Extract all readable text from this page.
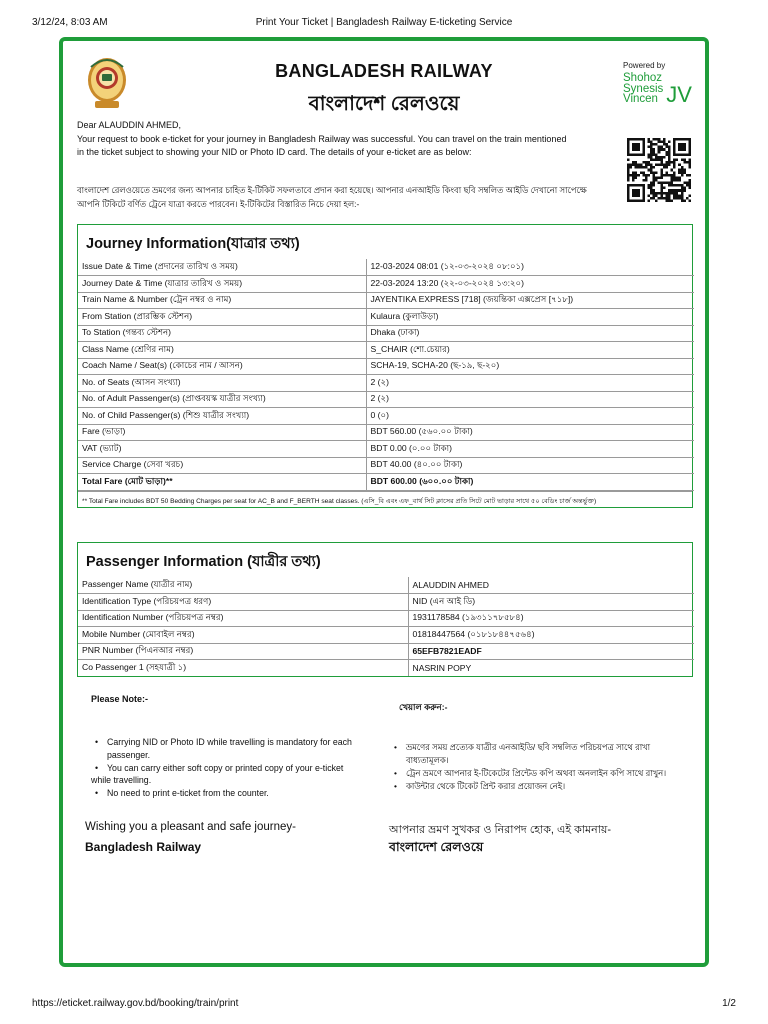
3/12/24, 8:03 AM	Print Your Ticket | Bangladesh Railway E-ticketing Service
BANGLADESH RAILWAY
বাংলাদেশ রেলওয়ে
Powered by
Shohoz
Synesis
Vincen JV
Dear ALAUDDIN AHMED,
Your request to book e-ticket for your journey in Bangladesh Railway was successful. You can travel on the train mentioned
in the ticket subject to showing your NID or Photo ID card. The details of your e-ticket are as below:
বাংলাদেশ রেলওয়েতে ভ্রমণের জন্য আপনার চাহিত ই-টিকিট সফলতাবে প্রদান করা হয়েছে। আপনার এনআইডি কিংবা ছবি সম্বলিত আইডি দেখানো সাপেক্ষে
আপনি টিকিটে বর্ণিত ট্রেনে যাত্রা করতে পারবেন। ই-টিকিটের বিস্তারিত নিচে দেয়া হল:-
Journey Information(যাত্রার তথ্য)
Issue Date & Time (প্রদানের তারিখ ও সময়)	12-03-2024 08:01 (১২-০৩-২০২৪ ০৮:০১)
Journey Date & Time (যাত্রার তারিখ ও সময়)	22-03-2024 13:20 (২২-০৩-২০২৪ ১৩:২০)
Train Name & Number (ট্রেন নম্বর ও নাম)	JAYENTIKA EXPRESS [718] (জয়ন্তিকা এক্সপ্রেস [৭১৮])
From Station (প্রারম্ভিক স্টেশন)	Kulaura (কুলাউড়া)
To Station (গন্তব্য স্টেশন)	Dhaka (ঢাকা)
Class Name (শ্রেণির নাম)	S_CHAIR (শো.চেয়ার)
Coach Name / Seat(s) (কোচের নাম / আসন)	SCHA-19, SCHA-20 (ছ-১৯, ছ-২০)
No. of Seats (আসন সংখ্যা)	2 (২)
No. of Adult Passenger(s) (প্রাপ্তবয়স্ক যাত্রীর সংখ্যা)	2 (২)
No. of Child Passenger(s) (শিশু যাত্রীর সংখ্যা)	0 (০)
Fare (ভাড়া)	BDT 560.00 (৫৬০.০০ টাকা)
VAT (ভ্যাট)	BDT 0.00 (০.০০ টাকা)
Service Charge (সেবা খরচ)	BDT 40.00 (৪০.০০ টাকা)
Total Fare (মোট ভাড়া)**	BDT 600.00 (৬০০.০০ টাকা)
** Total Fare includes BDT 50 Bedding Charges per seat for AC_B and F_BERTH seat classes. (এসি_বি এবং এফ_বার্থ সিট ক্লাসের প্রতি সিটে মোট ভাড়ার সাথে ৫০ বেডিং চার্জ অন্তর্ভুক্ত)
Passenger Information (যাত্রীর তথ্য)
Passenger Name (যাত্রীর নাম)	ALAUDDIN AHMED
Identification Type (পরিচয়পত্র ধরণ)	NID (এন আই ডি)
Identification Number (পরিচয়পত্র নম্বর)	1931178584 (১৯৩১১৭৮৫৮৪)
Mobile Number (মোবাইল নম্বর)	01818447564 (০১৮১৮৪৪৭৫৬৪)
PNR Number (পিএনআর নম্বর)	65EFB7821EADF
Co Passenger 1 (সহযাত্রী ১)	NASRIN POPY
Please Note:-
খেয়াল করুন:-
• Carrying NID or Photo ID while travelling is mandatory for each passenger.
• You can carry either soft copy or printed copy of your e-ticket
while travelling.
• No need to print e-ticket from the counter.
• ভ্রমণের সময় প্রত্যেক যাত্রীর এনআইডি/ ছবি সম্বলিত পরিচয়পত্র সাথে রাখা বাধ্যতামূলক।
• ট্রেন ভ্রমণে আপনার ই-টিকেটের প্রিন্টেড কপি অথবা অনলাইন কপি সাথে রাখুন।
• কাউন্টার থেকে টিকেট প্রিন্ট করার প্রয়োজন নেই।
Wishing you a pleasant and safe journey-	আপনার ভ্রমণ সুখকর ও নিরাপদ হোক, এই কামনায়-
Bangladesh Railway	বাংলাদেশ রেলওয়ে
https://eticket.railway.gov.bd/booking/train/print	1/2
